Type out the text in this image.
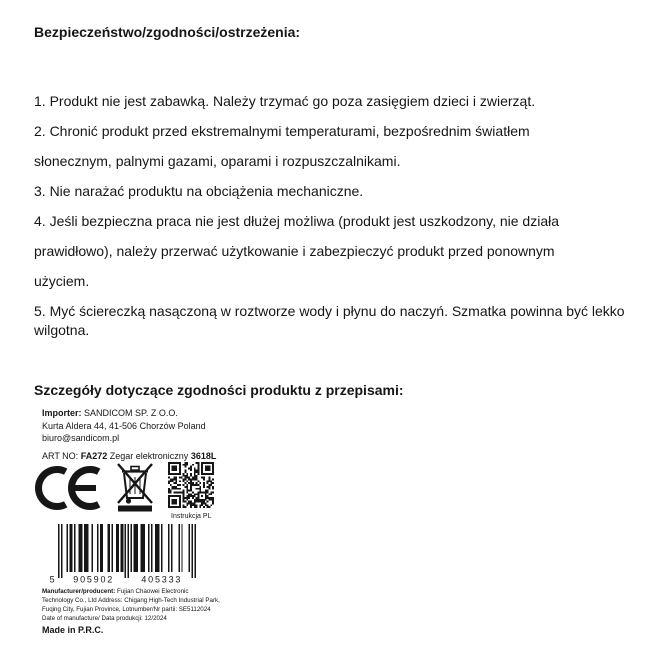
Bezpieczeństwo/zgodności/ostrzeżenia:
1. Produkt nie jest zabawką. Należy trzymać go poza zasięgiem dzieci i zwierząt.
2. Chronić produkt przed ekstremalnymi temperaturami, bezpośrednim światłem
słonecznym, palnymi gazami, oparami i rozpuszczalnikami.
3. Nie narażać produktu na obciążenia mechaniczne.
4. Jeśli bezpieczna praca nie jest dłużej możliwa (produkt jest uszkodzony, nie działa
prawidłowo), należy przerwać użytkowanie i zabezpieczyć produkt przed ponownym
użyciem.
5. Myć ściereczką nasączoną w roztworze wody i płynu do naczyń. Szmatka powinna być lekko
wilgotna.
Szczegóły dotyczące zgodności produktu z przepisami:
Importer: SANDICOM SP. Z O.O.
Kurta Aldera 44, 41-506 Chorzów Poland
biuro@sandicom.pl
ART NO: FA272 Zegar elektroniczny 3618L
Instrukcja PL
5 905902	405333
Manufacturer/producent: Fujian Chaowei Electronic
Technology Co., Ltd Address: Chigang High-Tech Industrial Park,
Fuqing City, Fujian Province, Lotnumber/Nr partii: SE5112024
Date of manufacture/ Data produkcji: 12/2024
Made in P.R.C.
